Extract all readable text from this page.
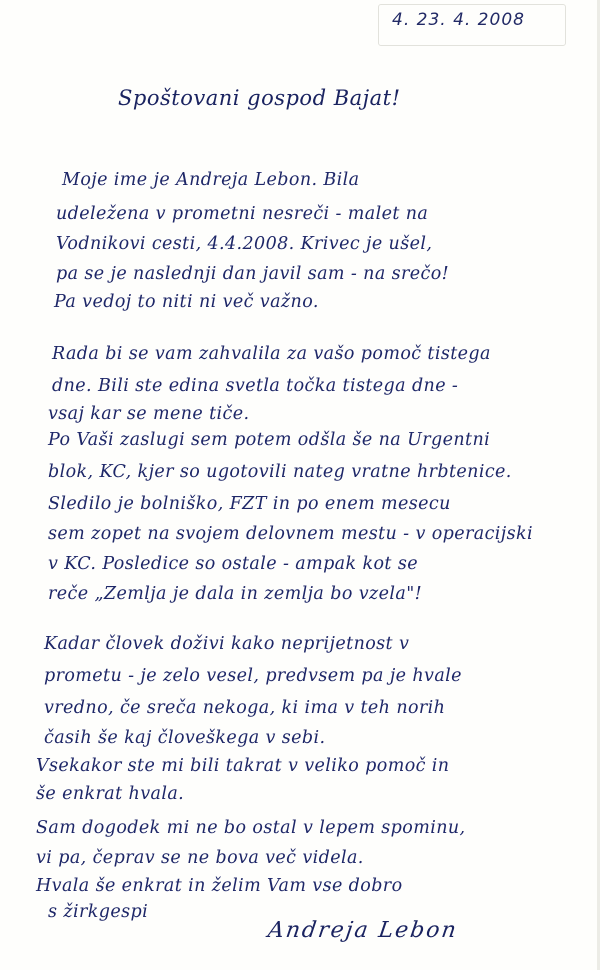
4. 23. 4. 2008
Spoštovani gospod Bajat!
Moje ime je Andreja Lebon. Bila
udeležena v prometni nesreči - malet na
Vodnikovi cesti, 4.4.2008. Krivec je ušel,
pa se je naslednji dan javil sam - na srečo!
Pa vedoj to niti ni več važno.
Rada bi se vam zahvalila za vašo pomoč tistega
dne. Bili ste edina svetla točka tistega dne -
vsaj kar se mene tiče.
Po Vaši zaslugi sem potem odšla še na Urgentni
blok, KC, kjer so ugotovili nateg vratne hrbtenice.
Sledilo je bolniško, FZT in po enem mesecu
sem zopet na svojem delovnem mestu - v operacijski
v KC. Posledice so ostale - ampak kot se
reče „Zemlja je dala in zemlja bo vzela"!
Kadar človek doživi kako neprijetnost v
prometu - je zelo vesel, predvsem pa je hvale
vredno, če sreča nekoga, ki ima v teh norih
časih še kaj človeškega v sebi.
Vsekakor ste mi bili takrat v veliko pomoč in
še enkrat hvala.
Sam dogodek mi ne bo ostal v lepem spominu,
vi pa, čeprav se ne bova več videla.
Hvala še enkrat in želim Vam vse dobro
s žirkgespi
Andreja Lebon
